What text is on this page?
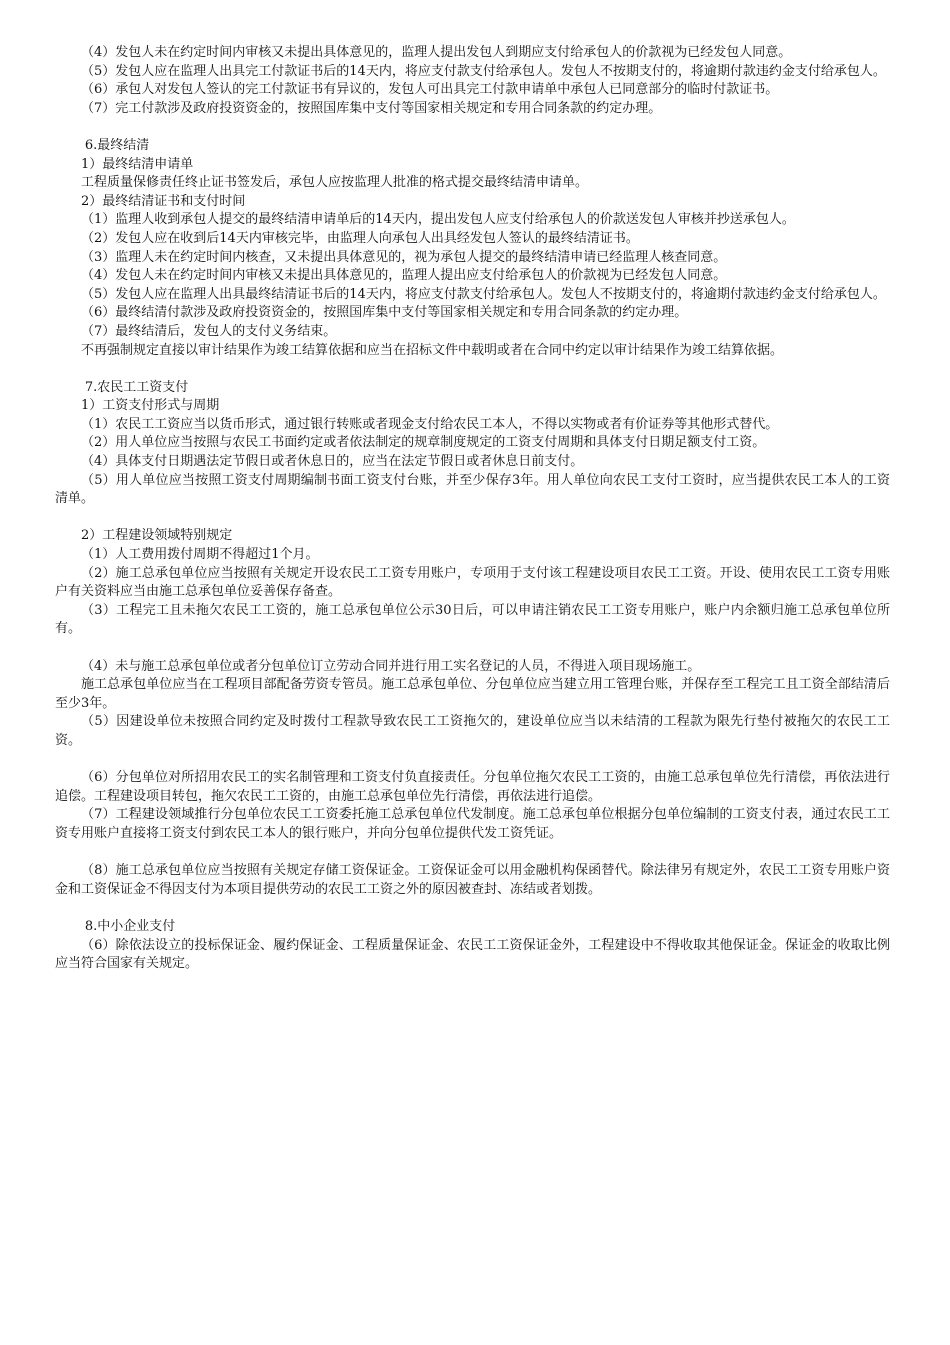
（4）发包人未在约定时间内审核又未提出具体意见的，监理人提出发包人到期应支付给承包人的价款视为已经发包人同意。
（5）发包人应在监理人出具完工付款证书后的14天内，将应支付款支付给承包人。发包人不按期支付的，将逾期付款违约金支付给承包人。
（6）承包人对发包人签认的完工付款证书有异议的，发包人可出具完工付款申请单中承包人已同意部分的临时付款证书。
（7）完工付款涉及政府投资资金的，按照国库集中支付等国家相关规定和专用合同条款的约定办理。
6.最终结清
1）最终结清申请单
工程质量保修责任终止证书签发后，承包人应按监理人批准的格式提交最终结清申请单。
2）最终结清证书和支付时间
（1）监理人收到承包人提交的最终结清申请单后的14天内，提出发包人应支付给承包人的价款送发包人审核并抄送承包人。
（2）发包人应在收到后14天内审核完毕，由监理人向承包人出具经发包人签认的最终结清证书。
（3）监理人未在约定时间内核查，又未提出具体意见的，视为承包人提交的最终结清申请已经监理人核查同意。
（4）发包人未在约定时间内审核又未提出具体意见的，监理人提出应支付给承包人的价款视为已经发包人同意。
（5）发包人应在监理人出具最终结清证书后的14天内，将应支付款支付给承包人。发包人不按期支付的，将逾期付款违约金支付给承包人。
（6）最终结清付款涉及政府投资资金的，按照国库集中支付等国家相关规定和专用合同条款的约定办理。
（7）最终结清后，发包人的支付义务结束。
不再强制规定直接以审计结果作为竣工结算依据和应当在招标文件中载明或者在合同中约定以审计结果作为竣工结算依据。
7.农民工工资支付
1）工资支付形式与周期
（1）农民工工资应当以货币形式，通过银行转账或者现金支付给农民工本人，不得以实物或者有价证券等其他形式替代。
（2）用人单位应当按照与农民工书面约定或者依法制定的规章制度规定的工资支付周期和具体支付日期足额支付工资。
（4）具体支付日期遇法定节假日或者休息日的，应当在法定节假日或者休息日前支付。
（5）用人单位应当按照工资支付周期编制书面工资支付台账，并至少保存3年。用人单位向农民工支付工资时，应当提供农民工本人的工资清单。
2）工程建设领域特别规定
（1）人工费用拨付周期不得超过1个月。
（2）施工总承包单位应当按照有关规定开设农民工工资专用账户，专项用于支付该工程建设项目农民工工资。开设、使用农民工工资专用账户有关资料应当由施工总承包单位妥善保存备查。
（3）工程完工且未拖欠农民工工资的，施工总承包单位公示30日后，可以申请注销农民工工资专用账户，账户内余额归施工总承包单位所有。
（4）未与施工总承包单位或者分包单位订立劳动合同并进行用工实名登记的人员，不得进入项目现场施工。
施工总承包单位应当在工程项目部配备劳资专管员。施工总承包单位、分包单位应当建立用工管理台账，并保存至工程完工且工资全部结清后至少3年。
（5）因建设单位未按照合同约定及时拨付工程款导致农民工工资拖欠的，建设单位应当以未结清的工程款为限先行垫付被拖欠的农民工工资。
（6）分包单位对所招用农民工的实名制管理和工资支付负直接责任。分包单位拖欠农民工工资的，由施工总承包单位先行清偿，再依法进行追偿。工程建设项目转包，拖欠农民工工资的，由施工总承包单位先行清偿，再依法进行追偿。
（7）工程建设领域推行分包单位农民工工资委托施工总承包单位代发制度。施工总承包单位根据分包单位编制的工资支付表，通过农民工工资专用账户直接将工资支付到农民工本人的银行账户，并向分包单位提供代发工资凭证。
（8）施工总承包单位应当按照有关规定存储工资保证金。工资保证金可以用金融机构保函替代。除法律另有规定外，农民工工资专用账户资金和工资保证金不得因支付为本项目提供劳动的农民工工资之外的原因被查封、冻结或者划拨。
8.中小企业支付
（6）除依法设立的投标保证金、履约保证金、工程质量保证金、农民工工资保证金外，工程建设中不得收取其他保证金。保证金的收取比例应当符合国家有关规定。
